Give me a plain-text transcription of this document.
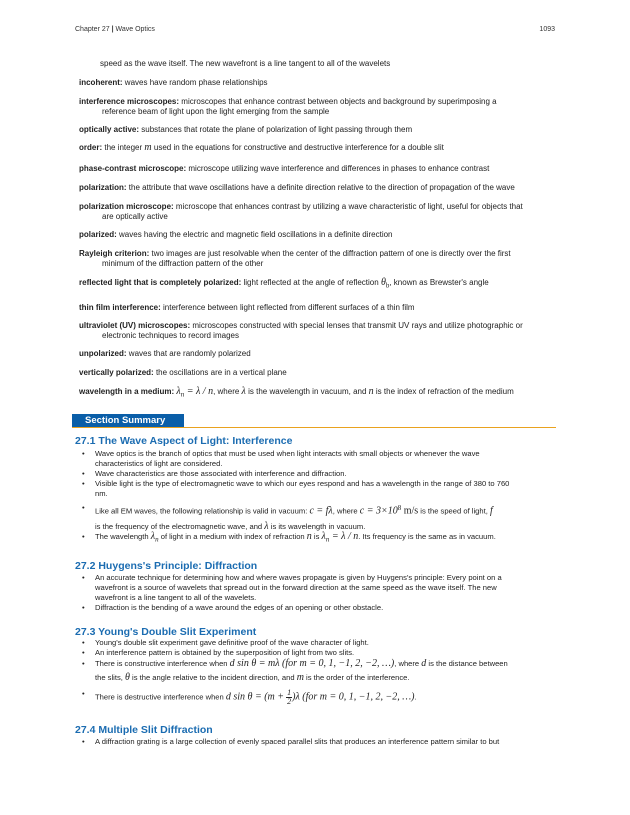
Chapter 27 | Wave Optics	1093
speed as the wave itself. The new wavefront is a line tangent to all of the wavelets
incoherent: waves have random phase relationships
interference microscopes: microscopes that enhance contrast between objects and background by superimposing a
reference beam of light upon the light emerging from the sample
optically active: substances that rotate the plane of polarization of light passing through them
order: the integer m used in the equations for constructive and destructive interference for a double slit
phase-contrast microscope: microscope utilizing wave interference and differences in phases to enhance contrast
polarization: the attribute that wave oscillations have a definite direction relative to the direction of propagation of the wave
polarization microscope: microscope that enhances contrast by utilizing a wave characteristic of light, useful for objects that
are optically active
polarized: waves having the electric and magnetic field oscillations in a definite direction
Rayleigh criterion: two images are just resolvable when the center of the diffraction pattern of one is directly over the first
minimum of the diffraction pattern of the other
reflected light that is completely polarized: light reflected at the angle of reflection $\theta_b$, known as Brewster's angle
thin film interference: interference between light reflected from different surfaces of a thin film
ultraviolet (UV) microscopes: microscopes constructed with special lenses that transmit UV rays and utilize photographic or
electronic techniques to record images
unpolarized: waves that are randomly polarized
vertically polarized: the oscillations are in a vertical plane
wavelength in a medium: $\lambda_n = \lambda / n$, where λ is the wavelength in vacuum, and n is the index of refraction of the medium
Section Summary
27.1 The Wave Aspect of Light: Interference
• Wave optics is the branch of optics that must be used when light interacts with small objects or whenever the wave
characteristics of light are considered.
• Wave characteristics are those associated with interference and diffraction.
• Visible light is the type of electromagnetic wave to which our eyes respond and has a wavelength in the range of 380 to 760
nm.
• Like all EM waves, the following relationship is valid in vacuum: c = fλ, where $c = 3\times 10^8$ m/s is the speed of light, f
is the frequency of the electromagnetic wave, and λ is its wavelength in vacuum.
• The wavelength $\lambda_n$ of light in a medium with index of refraction n is $\lambda_n = \lambda / n$. Its frequency is the same as in vacuum.
27.2 Huygens's Principle: Diffraction
• An accurate technique for determining how and where waves propagate is given by Huygens's principle: Every point on a
wavefront is a source of wavelets that spread out in the forward direction at the same speed as the wave itself. The new
wavefront is a line tangent to all of the wavelets.
• Diffraction is the bending of a wave around the edges of an opening or other obstacle.
27.3 Young's Double Slit Experiment
• Young's double slit experiment gave definitive proof of the wave character of light.
• An interference pattern is obtained by the superposition of light from two slits.
• There is constructive interference when d sin θ = mλ (for m = 0, 1, −1, 2, −2, …), where d is the distance between
the slits, θ is the angle relative to the incident direction, and m is the order of the interference.
• There is destructive interference when d $\sin \theta = (m + \frac{1}{2} )\lambda$ (for m = 0, 1, −1, 2, −2, …).
27.4 Multiple Slit Diffraction
• A diffraction grating is a large collection of evenly spaced parallel slits that produces an interference pattern similar to but
